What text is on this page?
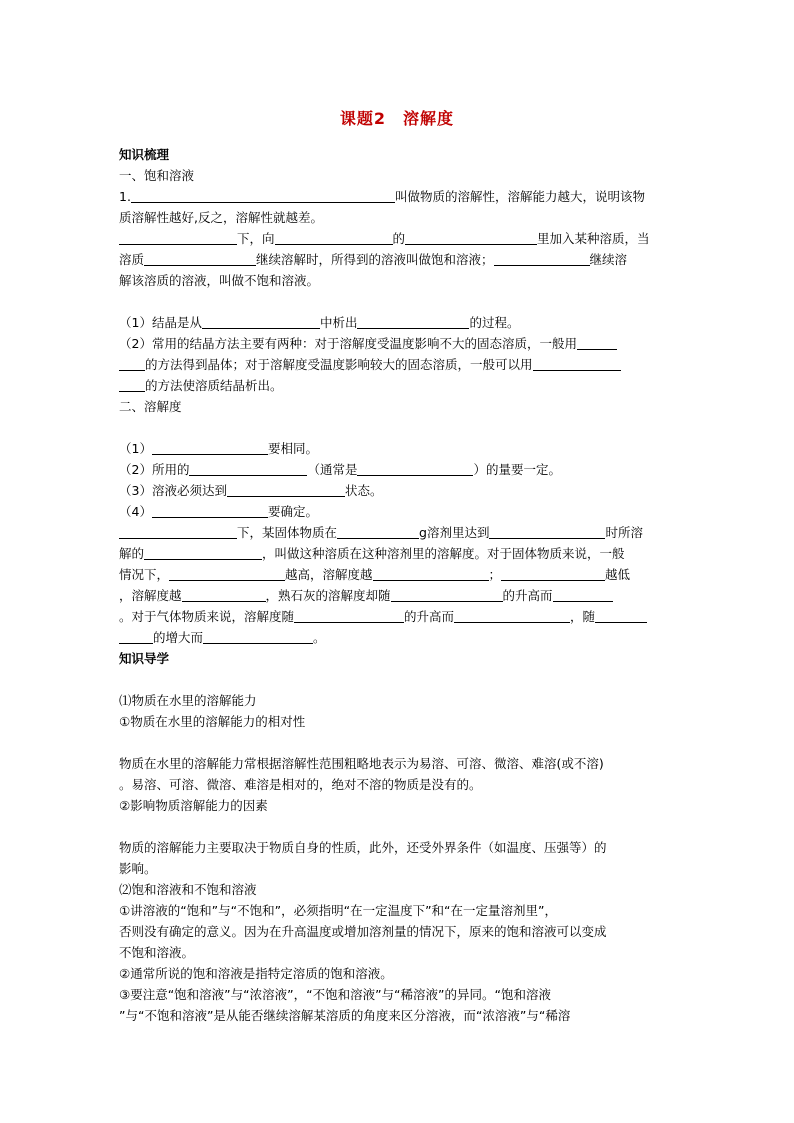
课题2　溶解度
知识梳理
一、饱和溶液
1.	叫做物质的溶解性，溶解能力越大，说明该物
质溶解性越好,反之，溶解性就越差。
下，向	的	里加入某种溶质，当
溶质	继续溶解时，所得到的溶液叫做饱和溶液；	继续溶
解该溶质的溶液，叫做不饱和溶液。
（1）结晶是从	中析出	的过程。
（2）常用的结晶方法主要有两种：对于溶解度受温度影响不大的固态溶质，一般用
的方法得到晶体；对于溶解度受温度影响较大的固态溶质，一般可以用
的方法使溶质结晶析出。
二、溶解度
（1）	要相同。
（2）所用的	（通常是	）的量要一定。
（3）溶液必须达到	状态。
（4）	要确定。
下，某固体物质在	g溶剂里达到	时所溶
解的	，叫做这种溶质在这种溶剂里的溶解度。对于固体物质来说，一般
情况下，	越高，溶解度越	；	越低
，溶解度越	，熟石灰的溶解度却随	的升高而
。对于气体物质来说，溶解度随	的升高而	，随
的增大而	。
知识导学
⑴物质在水里的溶解能力
①物质在水里的溶解能力的相对性
物质在水里的溶解能力常根据溶解性范围粗略地表示为易溶、可溶、微溶、难溶(或不溶)
。易溶、可溶、微溶、难溶是相对的，绝对不溶的物质是没有的。
②影响物质溶解能力的因素
物质的溶解能力主要取决于物质自身的性质，此外，还受外界条件（如温度、压强等）的
影响。
⑵饱和溶液和不饱和溶液
①讲溶液的“饱和”与“不饱和”，必须指明“在一定温度下”和“在一定量溶剂里”，
否则没有确定的意义。因为在升高温度或增加溶剂量的情况下，原来的饱和溶液可以变成
不饱和溶液。
②通常所说的饱和溶液是指特定溶质的饱和溶液。
③要注意“饱和溶液”与“浓溶液”，“不饱和溶液”与“稀溶液”的异同。“饱和溶液
”与“不饱和溶液”是从能否继续溶解某溶质的角度来区分溶液，而“浓溶液”与“稀溶
